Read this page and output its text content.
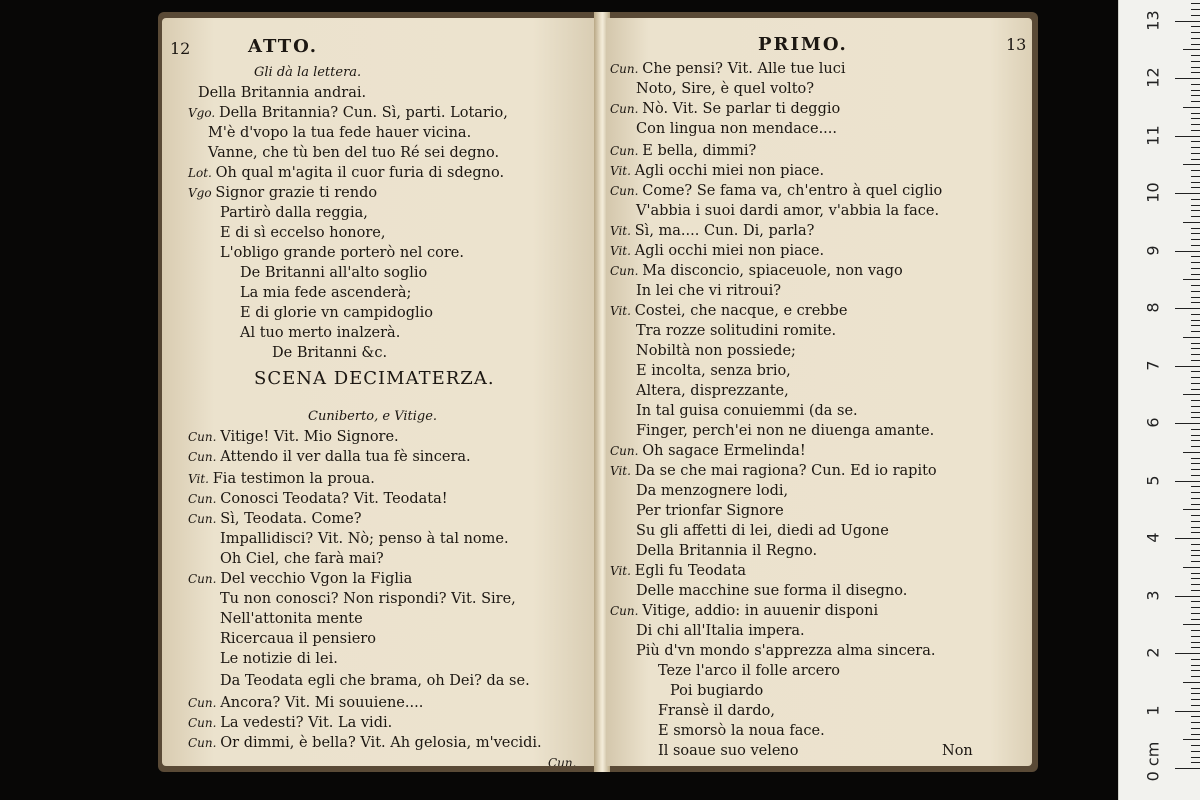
ATTO.
12
Gli dà la lettera.
Della Britannia andrai.
Vgo. Della Britannia? Cun. Sì, parti. Lotario,
M'è d'vopo la tua fede hauer vicina.
Vanne, che tù ben del tuo Ré sei degno.
Lot. Oh qual m'agita il cuor furia di sdegno.
Vgo Signor grazie ti rendo
Partirò dalla reggia,
E di sì eccelso honore,
L'obligo grande porterò nel core.
De Britanni all'alto soglio
La mia fede ascenderà;
E di glorie vn campidoglio
Al tuo merto inalzerà.
De Britanni &c.
SCENA DECIMATERZA.
Cuniberto, e Vitige.
Cun. Vitige! Vit. Mio Signore.
Cun. Attendo il ver dalla tua fè sincera.
Vit. Fia testimon la proua.
Cun. Conosci Teodata? Vit. Teodata!
Cun. Sì, Teodata. Come?
Impallidisci? Vit. Nò; penso à tal nome.
Oh Ciel, che farà mai?
Cun. Del vecchio Vgon la Figlia
Tu non conosci? Non rispondi? Vit. Sire,
Nell'attonita mente
Ricercaua il pensiero
Le notizie di lei.
Da Teodata egli che brama, oh Dei? da se.
Cun. Ancora? Vit. Mi souuiene....
Cun. La vedesti? Vit. La vidi.
Cun. Or dimmi, è bella? Vit. Ah gelosia, m'vecidi.
Cun.
PRIMO.	13
Cun. Che pensi? Vit. Alle tue luci
Noto, Sire, è quel volto?
Cun. Nò. Vit. Se parlar ti deggio
Con lingua non mendace....
Cun. E bella, dimmi?
Vit. Agli occhi miei non piace.
Cun. Come? Se fama va, ch'entro à quel ciglio
V'abbia i suoi dardi amor, v'abbia la face.
Vit. Sì, ma.... Cun. Di, parla?
Vit. Agli occhi miei non piace.
Cun. Ma disconcio, spiaceuole, non vago
In lei che vi ritroui?
Vit. Costei, che nacque, e crebbe
Tra rozze solitudini romite.
Nobiltà non possiede;
E incolta, senza brio,
Altera, disprezzante,
In tal guisa conuiemmi (da se.
Finger, perch'ei non ne diuenga amante.
Cun. Oh sagace Ermelinda!
Vit. Da se che mai ragiona? Cun. Ed io rapito
Da menzognere lodi,
Per trionfar Signore
Su gli affetti di lei, diedi ad Ugone
Della Britannia il Regno.
Vit. Egli fu Teodata
Delle macchine sue forma il disegno.
Cun. Vitige, addio: in auuenir disponi
Di chi all'Italia impera.
Più d'vn mondo s'apprezza alma sincera.
Teze l'arco il folle arcero
Poi bugiardo
Fransè il dardo,
E smorsò la noua face.
Il soaue suo veleno	Non	0 cm
1
2
3
4
5
6
7
8
9
10
11
12
13
